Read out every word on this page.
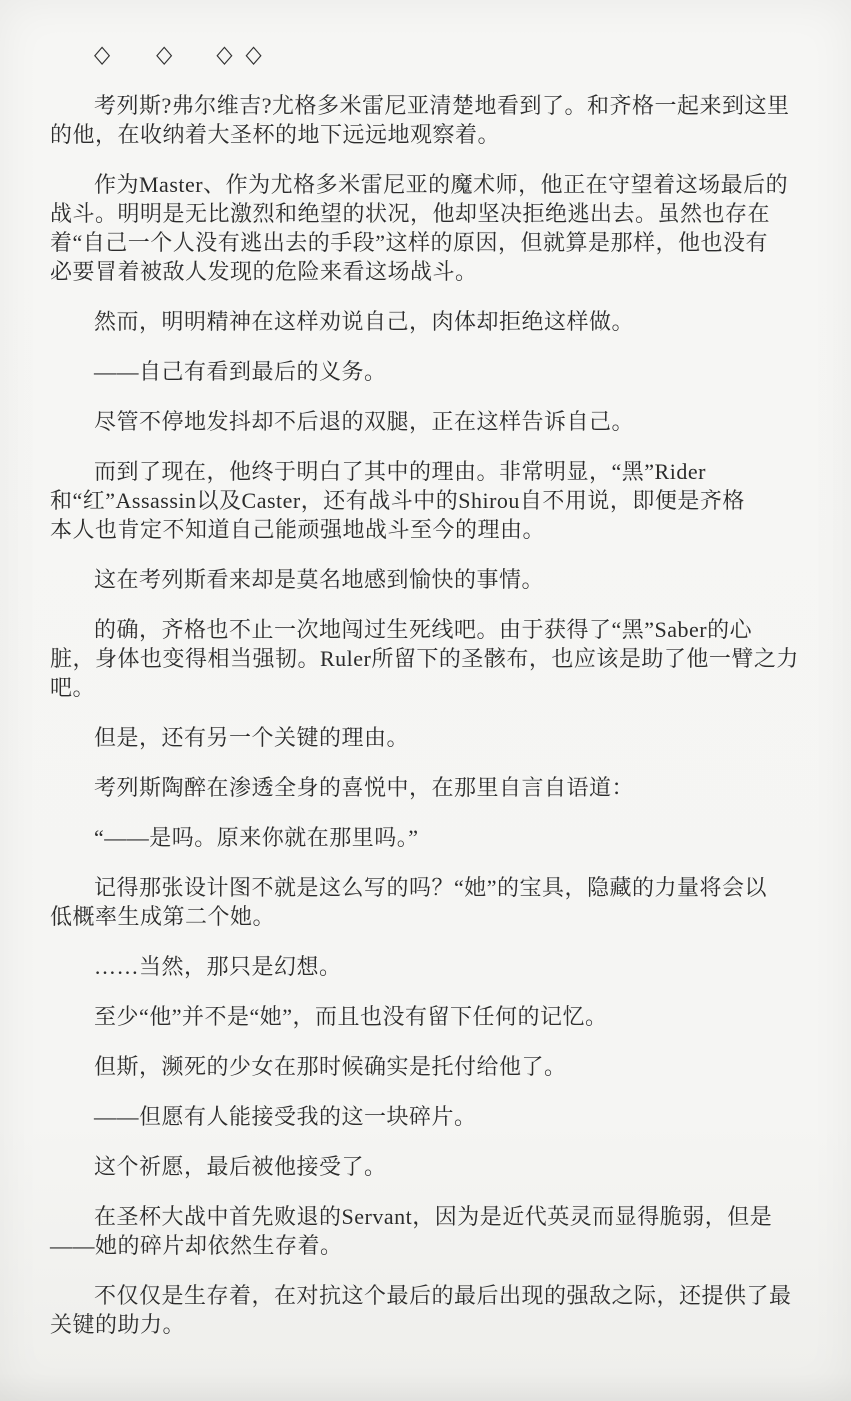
◇ ◇ ◇ ◇

考列斯?弗尔维吉?尤格多米雷尼亚清楚地看到了。和齐格一起来到这里
的他，在收纳着大圣杯的地下远远地观察着。

作为Master、作为尤格多米雷尼亚的魔术师，他正在守望着这场最后的
战斗。明明是无比激烈和绝望的状况，他却坚决拒绝逃出去。虽然也存在
着“自己一个人没有逃出去的手段”这样的原因，但就算是那样，他也没有
必要冒着被敌人发现的危险来看这场战斗。

然而，明明精神在这样劝说自己，肉体却拒绝这样做。

——自己有看到最后的义务。

尽管不停地发抖却不后退的双腿，正在这样告诉自己。

而到了现在，他终于明白了其中的理由。非常明显，“黑”Rider
和“红”Assassin以及Caster，还有战斗中的Shirou自不用说，即便是齐格
本人也肯定不知道自己能顽强地战斗至今的理由。

这在考列斯看来却是莫名地感到愉快的事情。

的确，齐格也不止一次地闯过生死线吧。由于获得了“黑”Saber的心
脏，身体也变得相当强韧。Ruler所留下的圣骸布，也应该是助了他一臂之力
吧。

但是，还有另一个关键的理由。

考列斯陶醉在渗透全身的喜悦中，在那里自言自语道：

“——是吗。原来你就在那里吗。”

记得那张设计图不就是这么写的吗？“她”的宝具，隐藏的力量将会以
低概率生成第二个她。

……当然，那只是幻想。

至少“他”并不是“她”，而且也没有留下任何的记忆。

但斯，濒死的少女在那时候确实是托付给他了。

——但愿有人能接受我的这一块碎片。

这个祈愿，最后被他接受了。

在圣杯大战中首先败退的Servant，因为是近代英灵而显得脆弱，但是
——她的碎片却依然生存着。

不仅仅是生存着，在对抗这个最后的最后出现的强敌之际，还提供了最
关键的助力。
